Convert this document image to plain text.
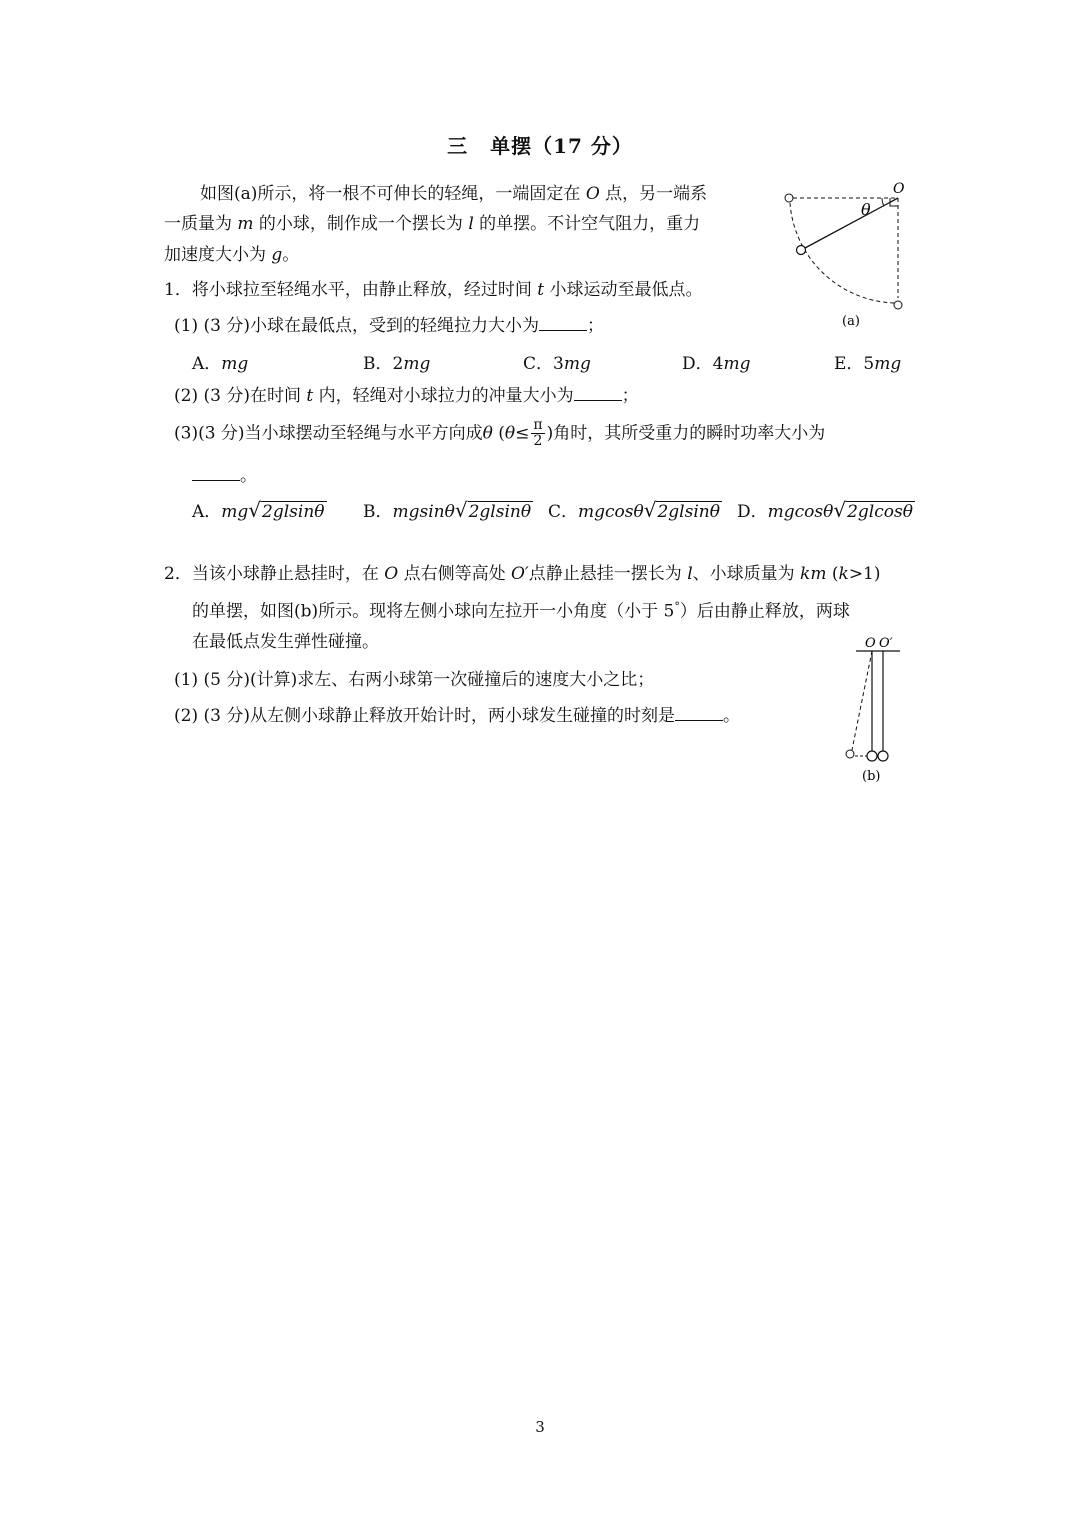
三 单摆（17 分）
如图(a)所示，将一根不可伸长的轻绳，一端固定在 O 点，另一端系
一质量为 m 的小球，制作成一个摆长为 l 的单摆。不计空气阻力，重力
加速度大小为 g。
1．将小球拉至轻绳水平，由静止释放，经过时间 t 小球运动至最低点。
(1) (3 分)小球在最低点，受到的轻绳拉力大小为	；
A．mg	B．2mg	C．3mg	D．4mg	E．5mg
(2) (3 分)在时间 t 内，轻绳对小球拉力的冲量大小为	；
(3)(3 分)当小球摆动至轻绳与水平方向成θ ($\theta\le \frac{\pi}{2}$ )角时，其所受重力的瞬时功率大小为
。
A．mg√2glsinθ B．mgsinθ√2glsinθ C．mgcosθ√2glsinθ D．mgcosθ√2glcosθ
2．当该小球静止悬挂时，在 O 点右侧等高处 O′点静止悬挂一摆长为 l、小球质量为 km (k>1)
的单摆，如图(b)所示。现将左侧小球向左拉开一小角度（小于 5°）后由静止释放，两球
在最低点发生弹性碰撞。
(1) (5 分)(计算)求左、右两小球第一次碰撞后的速度大小之比；
(2) (3 分)从左侧小球静止释放开始计时，两小球发生碰撞的时刻是	。
O
θ
(a)
O O′
(b)
3
